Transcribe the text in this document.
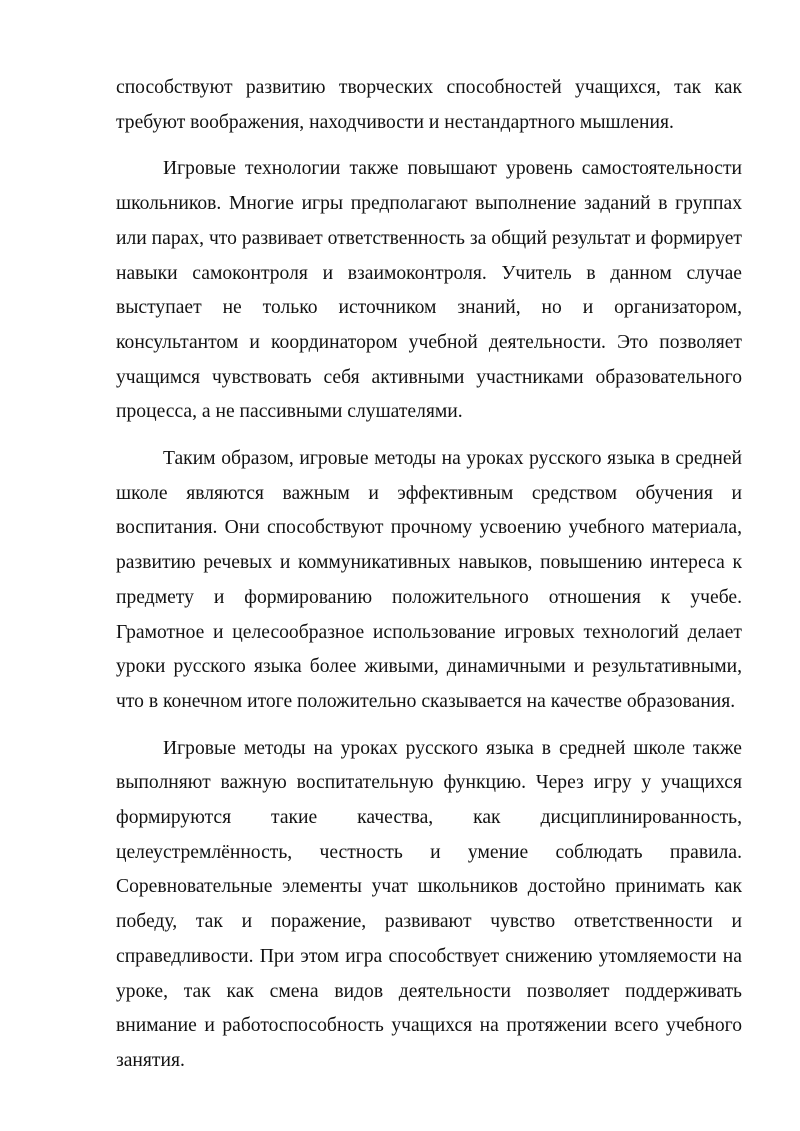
способствуют развитию творческих способностей учащихся, так как требуют воображения, находчивости и нестандартного мышления.

Игровые технологии также повышают уровень самостоятельности школьников. Многие игры предполагают выполнение заданий в группах или парах, что развивает ответственность за общий результат и формирует навыки самоконтроля и взаимоконтроля. Учитель в данном случае выступает не только источником знаний, но и организатором, консультантом и координатором учебной деятельности. Это позволяет учащимся чувствовать себя активными участниками образовательного процесса, а не пассивными слушателями.

Таким образом, игровые методы на уроках русского языка в средней школе являются важным и эффективным средством обучения и воспитания. Они способствуют прочному усвоению учебного материала, развитию речевых и коммуникативных навыков, повышению интереса к предмету и формированию положительного отношения к учебе. Грамотное и целесообразное использование игровых технологий делает уроки русского языка более живыми, динамичными и результативными, что в конечном итоге положительно сказывается на качестве образования.

Игровые методы на уроках русского языка в средней школе также выполняют важную воспитательную функцию. Через игру у учащихся формируются такие качества, как дисциплинированность, целеустремлённость, честность и умение соблюдать правила. Соревновательные элементы учат школьников достойно принимать как победу, так и поражение, развивают чувство ответственности и справедливости. При этом игра способствует снижению утомляемости на уроке, так как смена видов деятельности позволяет поддерживать внимание и работоспособность учащихся на протяжении всего учебного занятия.
